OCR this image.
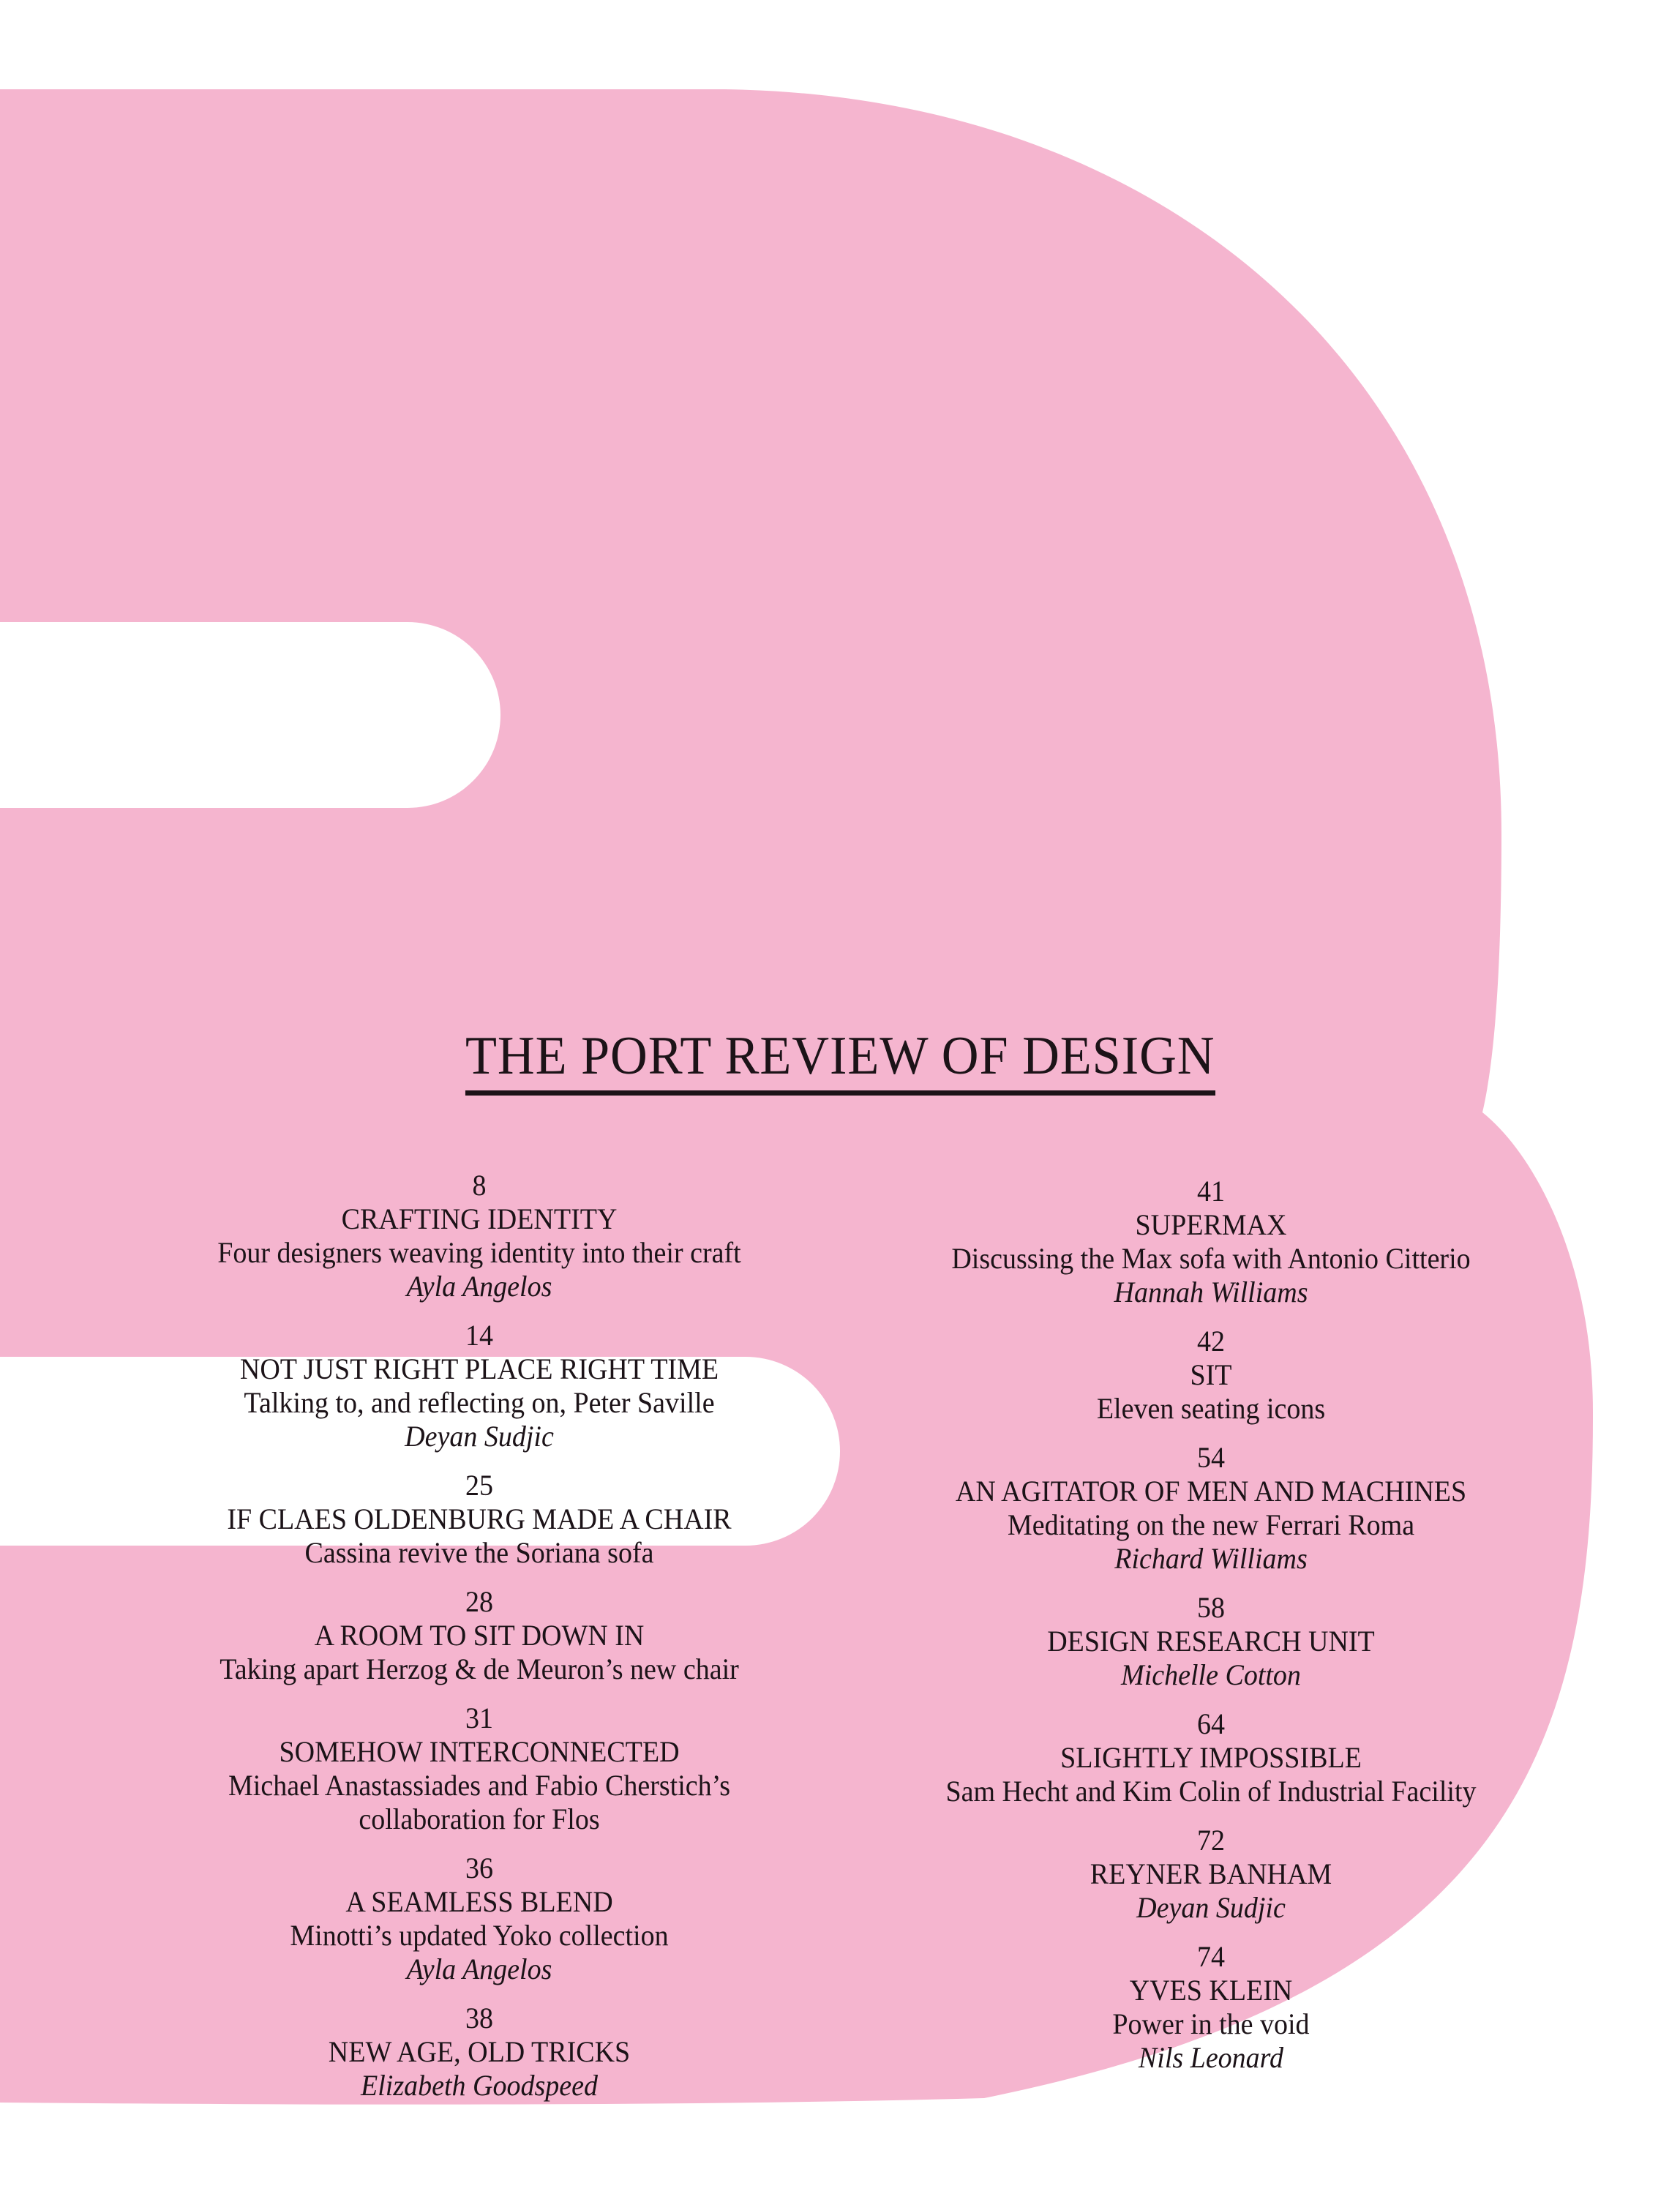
THE PORT REVIEW OF DESIGN
8
CRAFTING IDENTITY
Four designers weaving identity into their craft
Ayla Angelos
14
NOT JUST RIGHT PLACE RIGHT TIME
Talking to, and reflecting on, Peter Saville
Deyan Sudjic
25
IF CLAES OLDENBURG MADE A CHAIR
Cassina revive the Soriana sofa
28
A ROOM TO SIT DOWN IN
Taking apart Herzog & de Meuron’s new chair
31
SOMEHOW INTERCONNECTED
Michael Anastassiades and Fabio Cherstich’s
collaboration for Flos
36
A SEAMLESS BLEND
Minotti’s updated Yoko collection
Ayla Angelos
38
NEW AGE, OLD TRICKS
Elizabeth Goodspeed
41
SUPERMAX
Discussing the Max sofa with Antonio Citterio
Hannah Williams
42
SIT
Eleven seating icons
54
AN AGITATOR OF MEN AND MACHINES
Meditating on the new Ferrari Roma
Richard Williams
58
DESIGN RESEARCH UNIT
Michelle Cotton
64
SLIGHTLY IMPOSSIBLE
Sam Hecht and Kim Colin of Industrial Facility
72
REYNER BANHAM
Deyan Sudjic
74
YVES KLEIN
Power in the void
Nils Leonard
